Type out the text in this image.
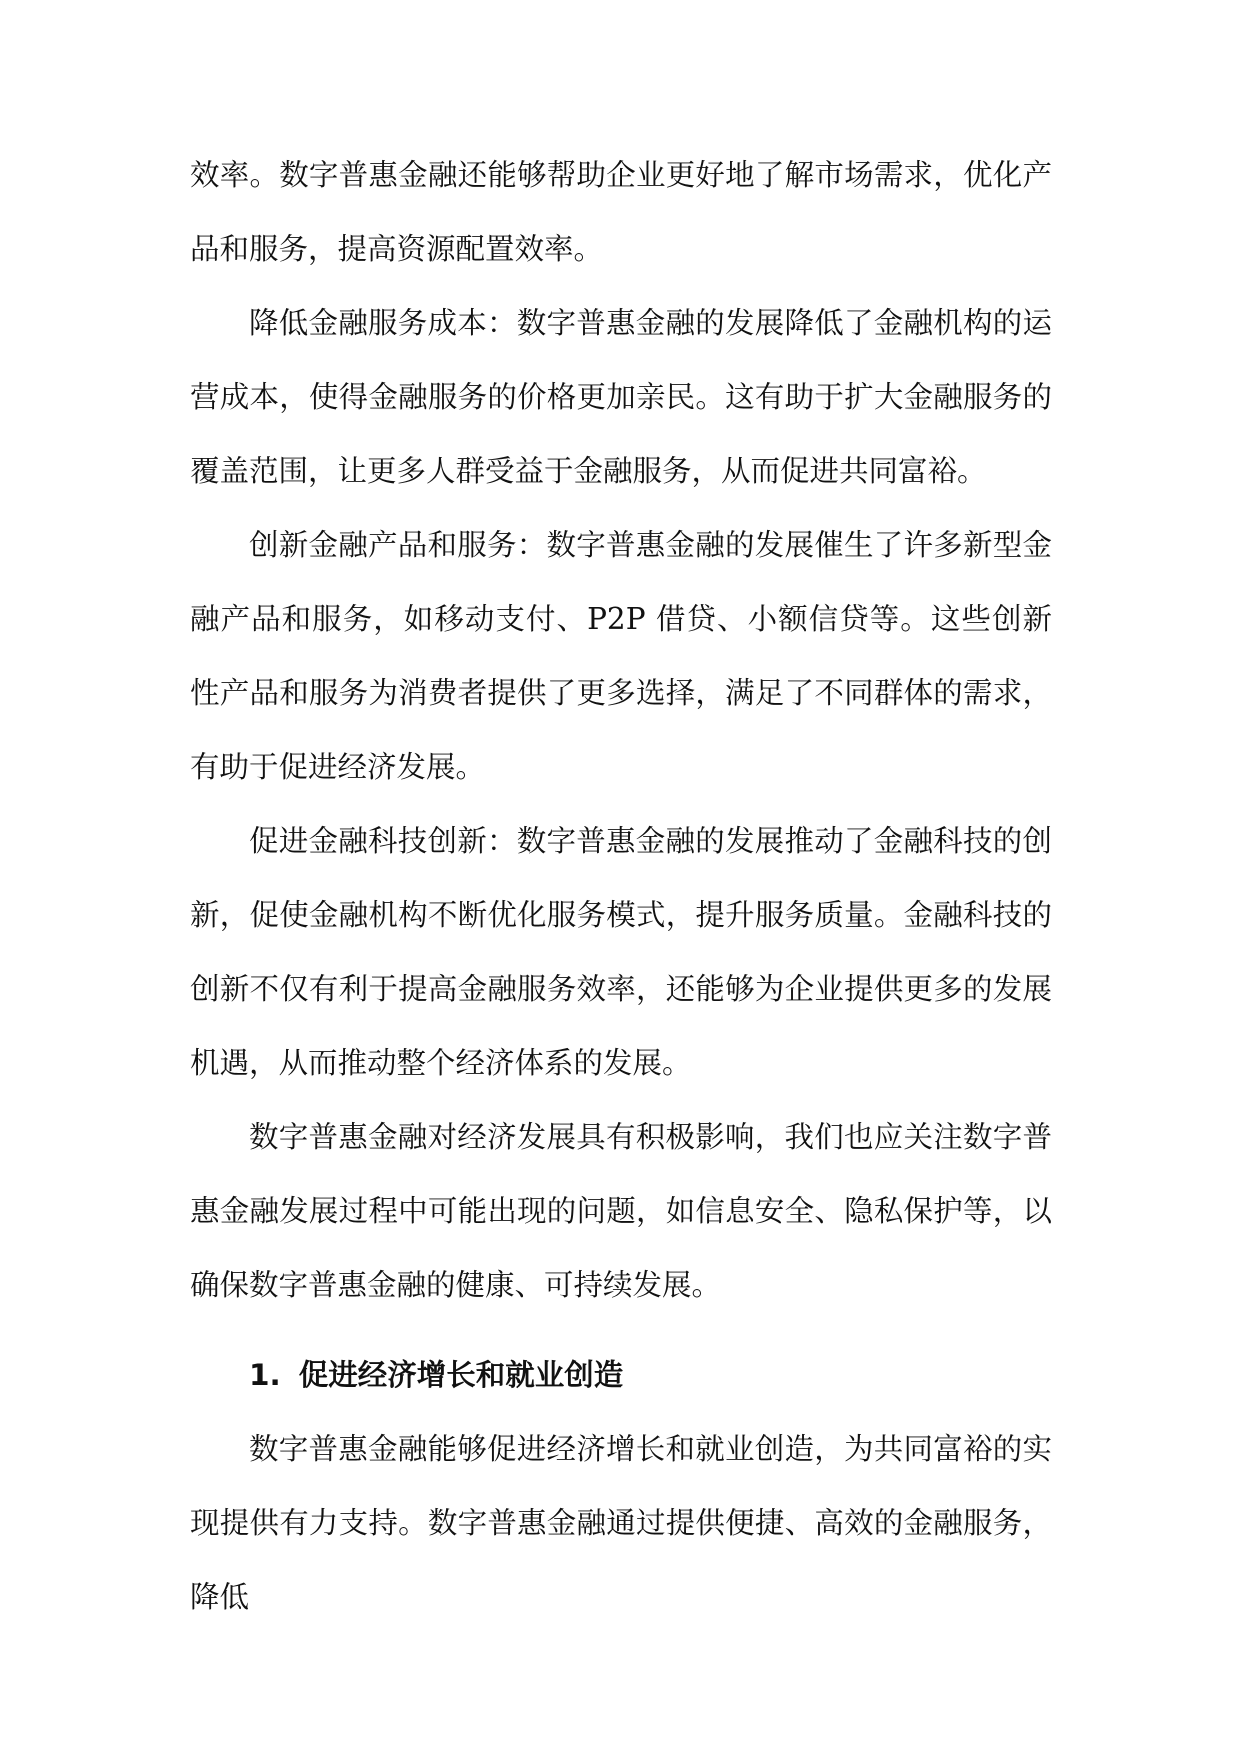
效率。数字普惠金融还能够帮助企业更好地了解市场需求，优化产品和服务，提高资源配置效率。

降低金融服务成本：数字普惠金融的发展降低了金融机构的运营成本，使得金融服务的价格更加亲民。这有助于扩大金融服务的覆盖范围，让更多人群受益于金融服务，从而促进共同富裕。

创新金融产品和服务：数字普惠金融的发展催生了许多新型金融产品和服务，如移动支付、P2P 借贷、小额信贷等。这些创新性产品和服务为消费者提供了更多选择，满足了不同群体的需求，有助于促进经济发展。

促进金融科技创新：数字普惠金融的发展推动了金融科技的创新，促使金融机构不断优化服务模式，提升服务质量。金融科技的创新不仅有利于提高金融服务效率，还能够为企业提供更多的发展机遇，从而推动整个经济体系的发展。

数字普惠金融对经济发展具有积极影响，我们也应关注数字普惠金融发展过程中可能出现的问题，如信息安全、隐私保护等，以确保数字普惠金融的健康、可持续发展。

1. 促进经济增长和就业创造

数字普惠金融能够促进经济增长和就业创造，为共同富裕的实现提供有力支持。数字普惠金融通过提供便捷、高效的金融服务，降低
